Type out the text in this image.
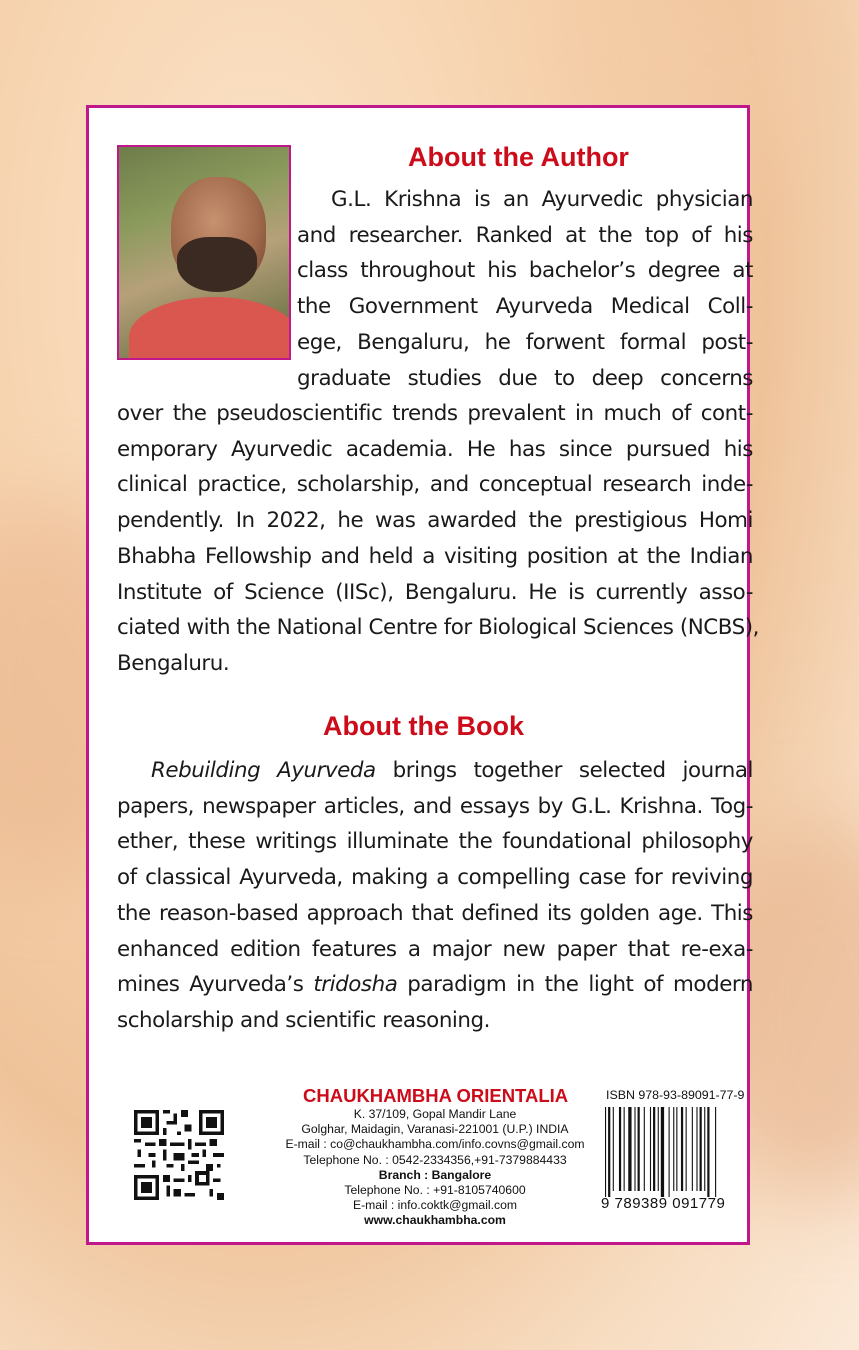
About the Author
G.L. Krishna is an Ayurvedic physician
and researcher. Ranked at the top of his
class throughout his bachelor’s degree at
the Government Ayurveda Medical Coll-
ege, Bengaluru, he forwent formal post-
graduate studies due to deep concerns
over the pseudoscientific trends prevalent in much of cont-
emporary Ayurvedic academia. He has since pursued his
clinical practice, scholarship, and conceptual research inde-
pendently. In 2022, he was awarded the prestigious Homi
Bhabha Fellowship and held a visiting position at the Indian
Institute of Science (IISc), Bengaluru. He is currently asso-
ciated with the National Centre for Biological Sciences (NCBS),
Bengaluru.
About the Book
Rebuilding Ayurveda brings together selected journal
papers, newspaper articles, and essays by G.L. Krishna. Tog-
ether, these writings illuminate the foundational philosophy
of classical Ayurveda, making a compelling case for reviving
the reason-based approach that defined its golden age. This
enhanced edition features a major new paper that re-exa-
mines Ayurveda’s tridosha paradigm in the light of modern
scholarship and scientific reasoning.
CHAUKHAMBHA ORIENTALIA
K. 37/109, Gopal Mandir Lane
Golghar, Maidagin, Varanasi-221001 (U.P.) INDIA
E-mail : co@chaukhambha.com/info.covns@gmail.com
Telephone No. : 0542-2334356,+91-7379884433
Branch : Bangalore
Telephone No. : +91-8105740600
E-mail : info.coktk@gmail.com
www.chaukhambha.com
ISBN 978-93-89091-77-9
9 789389 091779
